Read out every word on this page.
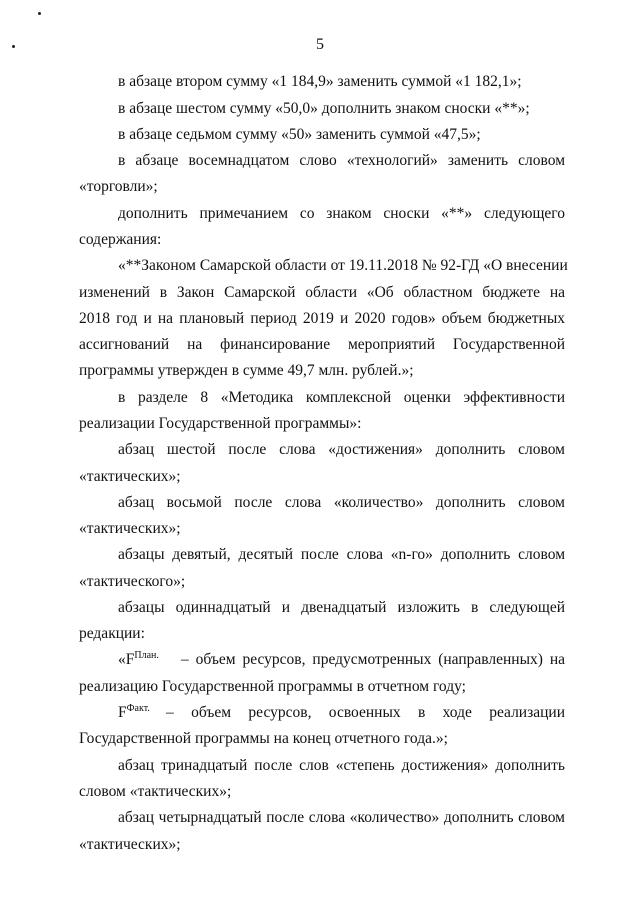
5
в абзаце втором сумму «1 184,9» заменить суммой «1 182,1»;
в абзаце шестом сумму «50,0» дополнить знаком сноски «**»;
в абзаце седьмом сумму «50» заменить суммой «47,5»;
в абзаце восемнадцатом слово «технологий» заменить словом
«торговли»;
дополнить примечанием со знаком сноски «**» следующего
содержания:
«**Законом Самарской области от 19.11.2018 № 92-ГД «О внесении
изменений в Закон Самарской области «Об областном бюджете на
2018 год и на плановый период 2019 и 2020 годов» объем бюджетных
ассигнований на финансирование мероприятий Государственной
программы утвержден в сумме 49,7 млн. рублей.»;
в разделе 8 «Методика комплексной оценки эффективности
реализации Государственной программы»:
абзац шестой после слова «достижения» дополнить словом
«тактических»;
абзац восьмой после слова «количество» дополнить словом
«тактических»;
абзацы девятый, десятый после слова «n-го» дополнить словом
«тактического»;
абзацы одиннадцатый и двенадцатый изложить в следующей
редакции:
«$F^{План.}$ – объем ресурсов, предусмотренных (направленных) на
реализацию Государственной программы в отчетном году;
$F^{Факт.}$ – объем ресурсов, освоенных в ходе реализации
Государственной программы на конец отчетного года.»;
абзац тринадцатый после слов «степень достижения» дополнить
словом «тактических»;
абзац четырнадцатый после слова «количество» дополнить словом
«тактических»;
